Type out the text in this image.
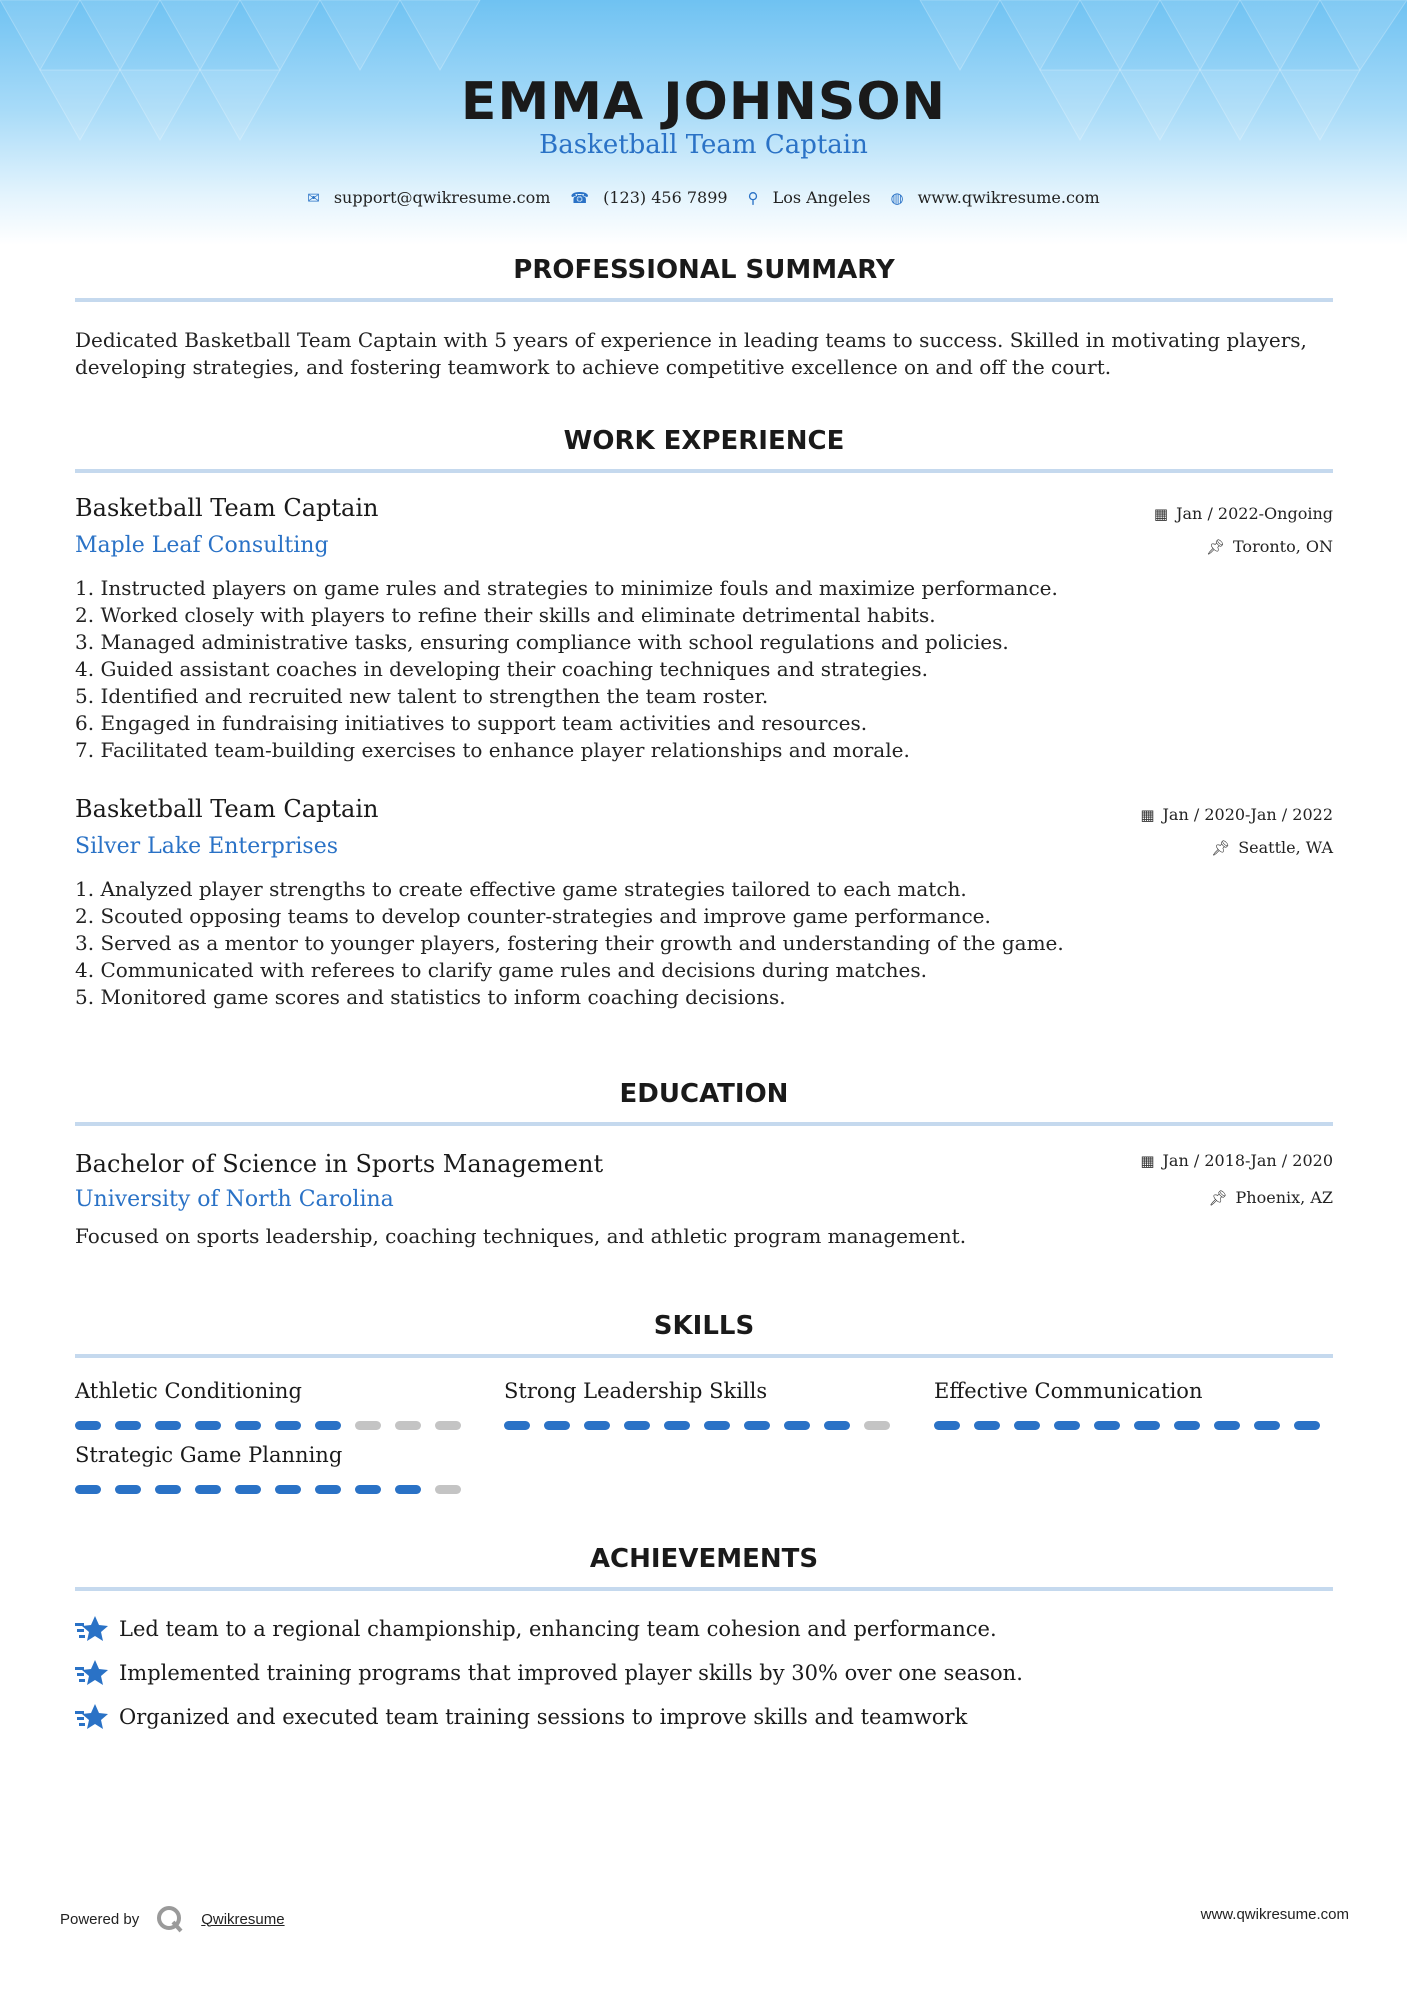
EMMA JOHNSON
Basketball Team Captain
✉ support@qwikresume.com ☎ (123) 456 7899 ⚲ Los Angeles ◍ www.qwikresume.com
PROFESSIONAL SUMMARY
Dedicated Basketball Team Captain with 5 years of experience in leading teams to success. Skilled in motivating players, developing strategies, and fostering teamwork to achieve competitive excellence on and off the court.
WORK EXPERIENCE
Basketball Team Captain
Maple Leaf Consulting
▦ Jan / 2022-Ongoing
📌︎ Toronto, ON
1. Instructed players on game rules and strategies to minimize fouls and maximize performance.
2. Worked closely with players to refine their skills and eliminate detrimental habits.
3. Managed administrative tasks, ensuring compliance with school regulations and policies.
4. Guided assistant coaches in developing their coaching techniques and strategies.
5. Identified and recruited new talent to strengthen the team roster.
6. Engaged in fundraising initiatives to support team activities and resources.
7. Facilitated team-building exercises to enhance player relationships and morale.
Basketball Team Captain
Silver Lake Enterprises
▦ Jan / 2020-Jan / 2022
📌︎ Seattle, WA
1. Analyzed player strengths to create effective game strategies tailored to each match.
2. Scouted opposing teams to develop counter-strategies and improve game performance.
3. Served as a mentor to younger players, fostering their growth and understanding of the game.
4. Communicated with referees to clarify game rules and decisions during matches.
5. Monitored game scores and statistics to inform coaching decisions.
EDUCATION
Bachelor of Science in Sports Management
University of North Carolina
▦ Jan / 2018-Jan / 2020
📌︎ Phoenix, AZ
Focused on sports leadership, coaching techniques, and athletic program management.
SKILLS
Athletic Conditioning	Strong Leadership Skills	Effective Communication
Strategic Game Planning
ACHIEVEMENTS
Led team to a regional championship, enhancing team cohesion and performance.
Implemented training programs that improved player skills by 30% over one season.
Organized and executed team training sessions to improve skills and teamwork
Powered by	Qwikresume	www.qwikresume.com
